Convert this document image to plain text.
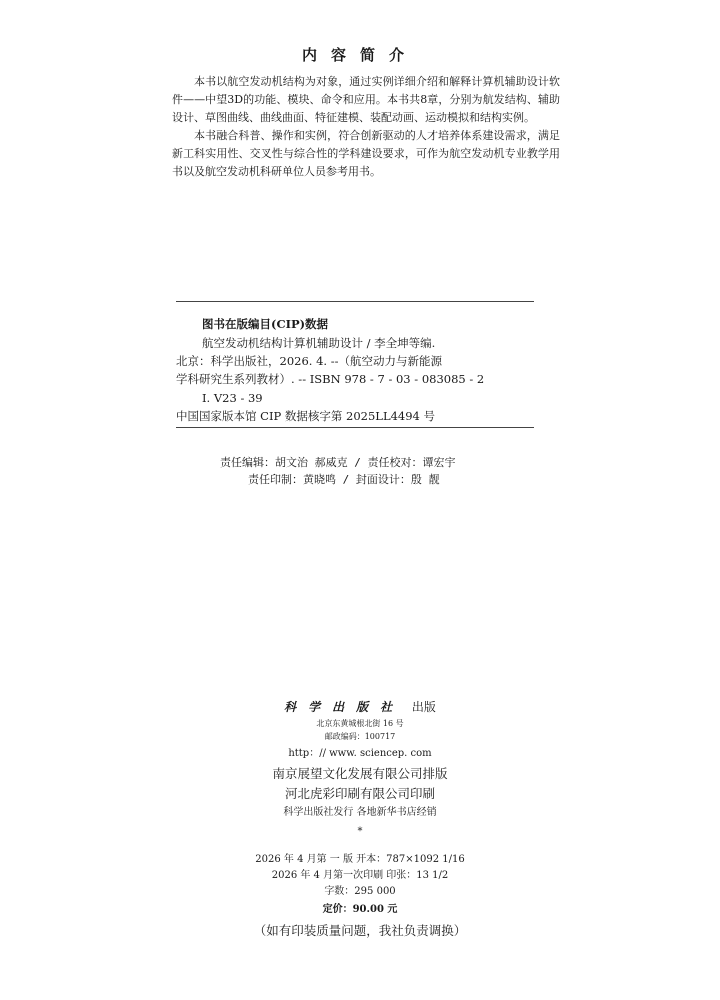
内容简介

本书以航空发动机结构为对象，通过实例详细介绍和解释计算机辅助设计软件——中望3D的功能、模块、命令和应用。本书共8章，分别为航发结构、辅助设计、草图曲线、曲线曲面、特征建模、装配动画、运动模拟和结构实例。

本书融合科普、操作和实例，符合创新驱动的人才培养体系建设需求，满足新工科实用性、交叉性与综合性的学科建设要求，可作为航空发动机专业教学用书以及航空发动机科研单位人员参考用书。

图书在版编目(CIP)数据
航空发动机结构计算机辅助设计 / 李全坤等编.
北京：科学出版社，2026. 4. --（航空动力与新能源
学科研究生系列教材）. -- ISBN 978 - 7 - 03 - 083085 - 2
Ⅰ. V23 - 39
中国国家版本馆 CIP 数据核字第 2025LL4494 号
责任编辑：胡文治 郝威克 / 责任校对：谭宏宇
责任印制：黄晓鸣 / 封面设计：殷 靓
科学出版社 出版
北京东黄城根北街 16 号
邮政编码：100717
http：// www. sciencep. com
南京展望文化发展有限公司排版
河北虎彩印刷有限公司印刷
科学出版社发行 各地新华书店经销
*
2026 年 4 月第 一 版 开本：787×1092 1/16
2026 年 4 月第一次印刷 印张：13 1/2
字数：295 000
定价：90.00 元
（如有印装质量问题，我社负责调换）
